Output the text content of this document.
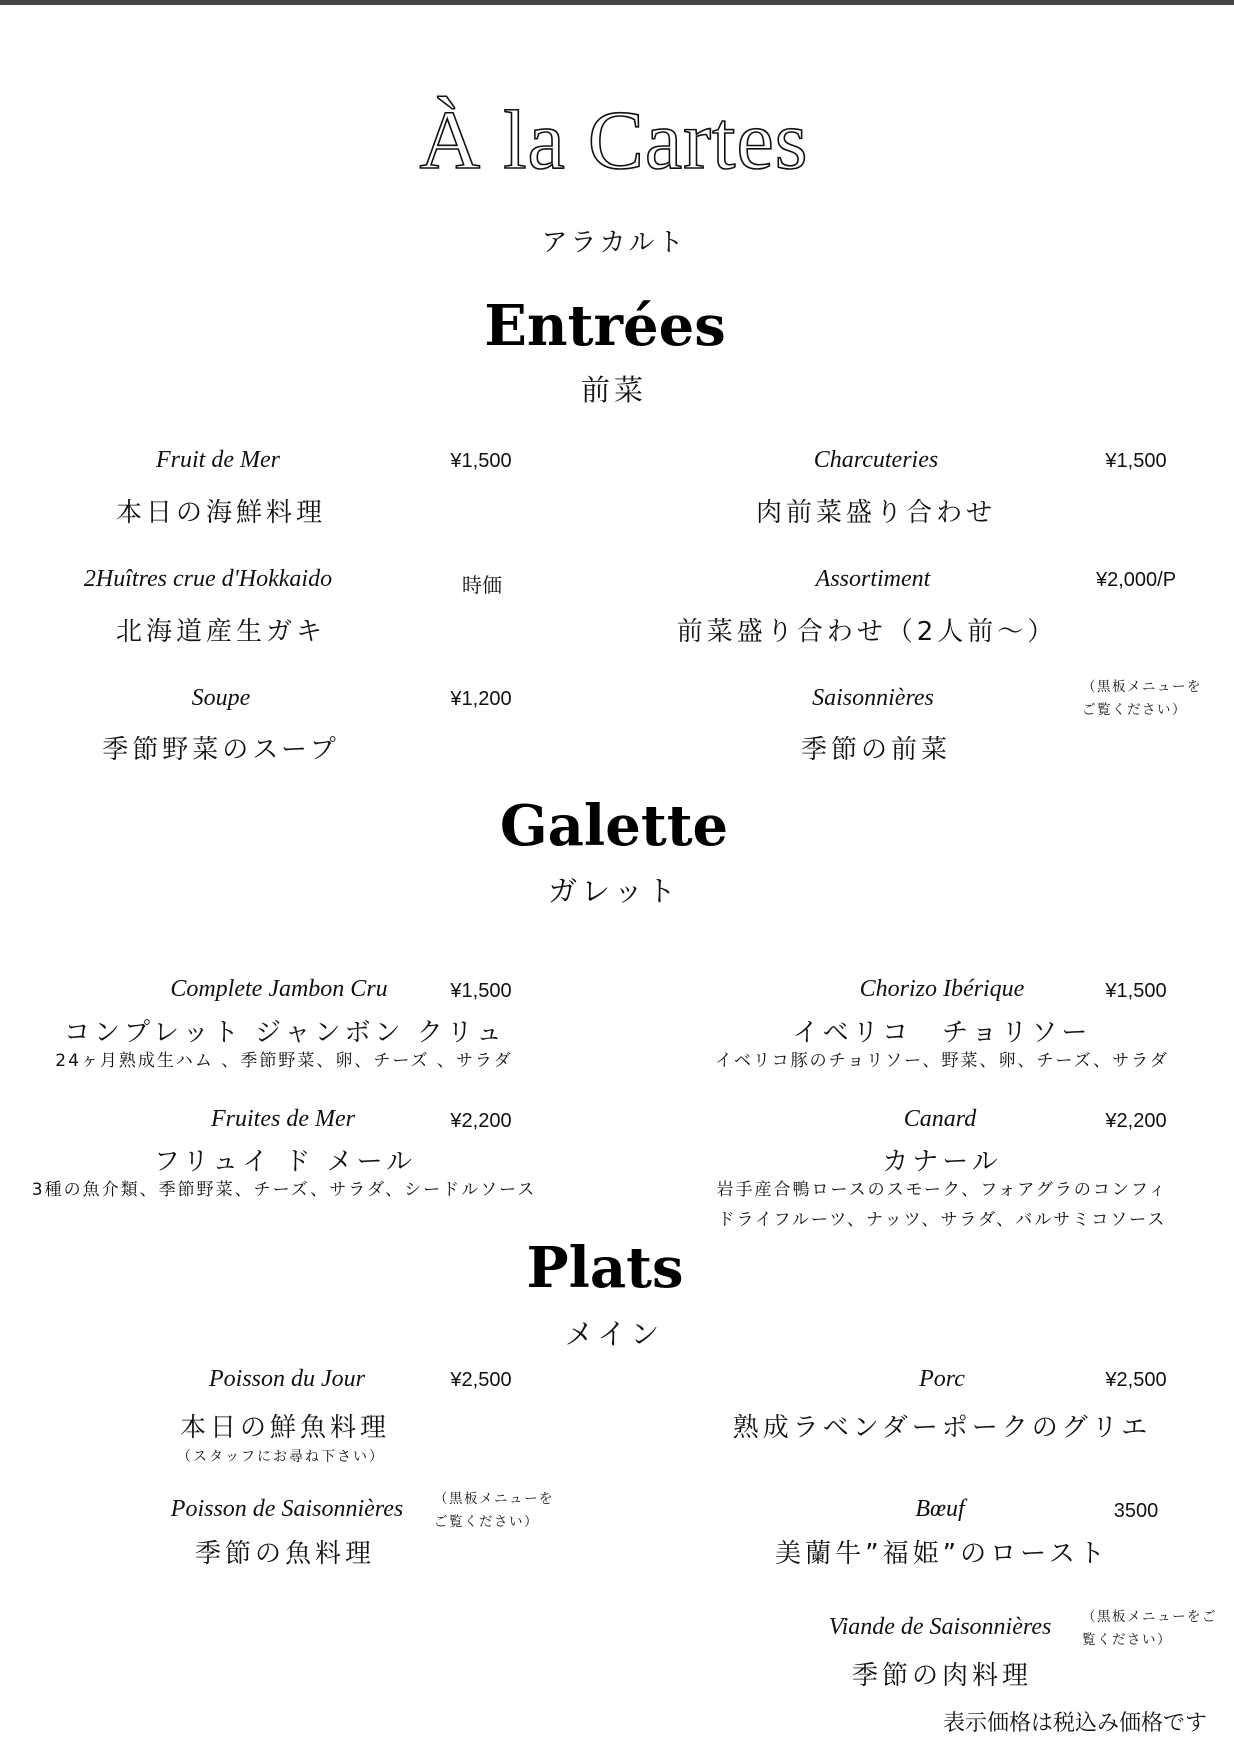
À la Cartes
アラカルト
Entrées
前菜
Fruit de Mer	¥1,500
本日の海鮮料理
Charcuteries	¥1,500
肉前菜盛り合わせ
2Huîtres crue d'Hokkaido	時価
北海道産生ガキ
Assortiment	¥2,000/P
前菜盛り合わせ（2人前〜）
Soupe	¥1,200
季節野菜のスープ
Saisonnières	（黒板メニューを
ご覧ください）
季節の前菜
Galette
ガレット
Complete Jambon Cru	¥1,500
コンプレット ジャンボン クリュ
24ヶ月熟成生ハム 、季節野菜、卵、チーズ 、サラダ
Chorizo Ibérique	¥1,500
イベリコ　チョリソー
イベリコ豚のチョリソー、野菜、卵、チーズ、サラダ
Fruites de Mer	¥2,200
フリュイ ド メール
3種の魚介類、季節野菜、チーズ、サラダ、シードルソース
Canard	¥2,200
カナール
岩手産合鴨ロースのスモーク、フォアグラのコンフィ
ドライフルーツ、ナッツ、サラダ、バルサミコソース
Plats
メイン
Poisson du Jour	¥2,500
本日の鮮魚料理
（スタッフにお尋ね下さい）
Porc	¥2,500
熟成ラベンダーポークのグリエ
Poisson de Saisonnières （黒板メニューを
ご覧ください）
季節の魚料理
Bœuf	3500
美蘭牛”福姫”のロースト
Viande de Saisonnières （黒板メニューをご
覧ください）
季節の肉料理
表示価格は税込み価格です
